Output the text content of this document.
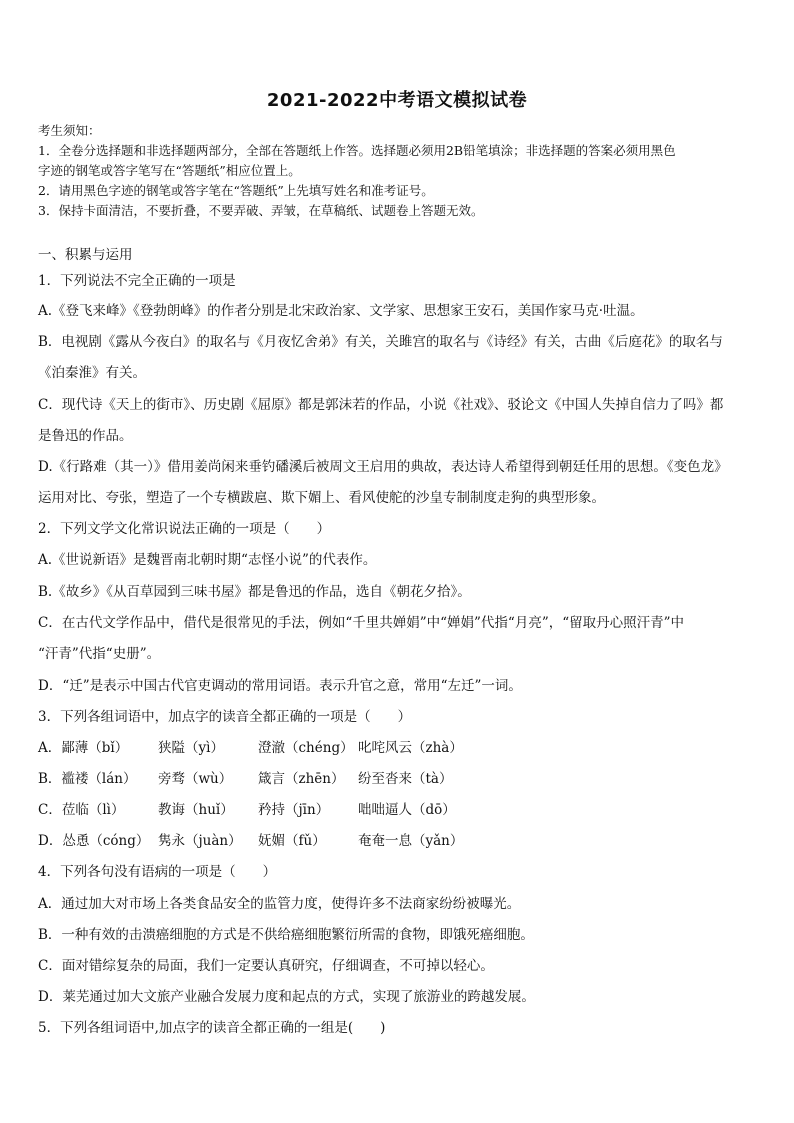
2021-2022中考语文模拟试卷
考生须知：
1．全卷分选择题和非选择题两部分，全部在答题纸上作答。选择题必须用2B铅笔填涂；非选择题的答案必须用黑色
字迹的钢笔或答字笔写在“答题纸”相应位置上。
2．请用黑色字迹的钢笔或答字笔在“答题纸”上先填写姓名和准考证号。
3．保持卡面清洁，不要折叠，不要弄破、弄皱，在草稿纸、试题卷上答题无效。
一、积累与运用
1．下列说法不完全正确的一项是
A.《登飞来峰》《登勃朗峰》的作者分别是北宋政治家、文学家、思想家王安石，美国作家马克·吐温。
B．电视剧《露从今夜白》的取名与《月夜忆舍弟》有关，关雎宫的取名与《诗经》有关，古曲《后庭花》的取名与
《泊秦淮》有关。
C．现代诗《天上的街市》、历史剧《屈原》都是郭沫若的作品，小说《社戏》、驳论文《中国人失掉自信力了吗》都
是鲁迅的作品。
D.《行路难（其一）》借用姜尚闲来垂钓磻溪后被周文王启用的典故，表达诗人希望得到朝廷任用的思想。《变色龙》
运用对比、夸张，塑造了一个专横跋扈、欺下媚上、看风使舵的沙皇专制制度走狗的典型形象。
2．下列文学文化常识说法正确的一项是（　　）
A.《世说新语》是魏晋南北朝时期“志怪小说”的代表作。
B.《故乡》《从百草园到三味书屋》都是鲁迅的作品，选自《朝花夕拾》。
C．在古代文学作品中，借代是很常见的手法，例如“千里共婵娟”中“婵娟”代指“月亮”，“留取丹心照汗青”中
“汗青”代指“史册”。
D．“迁”是表示中国古代官吏调动的常用词语。表示升官之意，常用“左迁”一词。
3．下列各组词语中，加点字的读音全都正确的一项是（　　）
A．鄙薄（bǐ） 狭隘（yì）	澄澈（chéng） 叱咤风云（zhà）
B．褴褛（lán） 旁骛（wù） 箴言（zhēn） 纷至沓来（tà）
C．莅临（lì） 教诲（huǐ） 矜持（jīn） 咄咄逼人（dō）
D．怂恿（cóng） 隽永（juàn） 妩媚（fǔ） 奄奄一息（yǎn）
4．下列各句没有语病的一项是（　　）
A．通过加大对市场上各类食品安全的监管力度，使得许多不法商家纷纷被曝光。
B．一种有效的击溃癌细胞的方式是不供给癌细胞繁衍所需的食物，即饿死癌细胞。
C．面对错综复杂的局面，我们一定要认真研究，仔细调查，不可掉以轻心。
D．莱芜通过加大文旅产业融合发展力度和起点的方式，实现了旅游业的跨越发展。
5．下列各组词语中,加点字的读音全都正确的一组是(　　)
